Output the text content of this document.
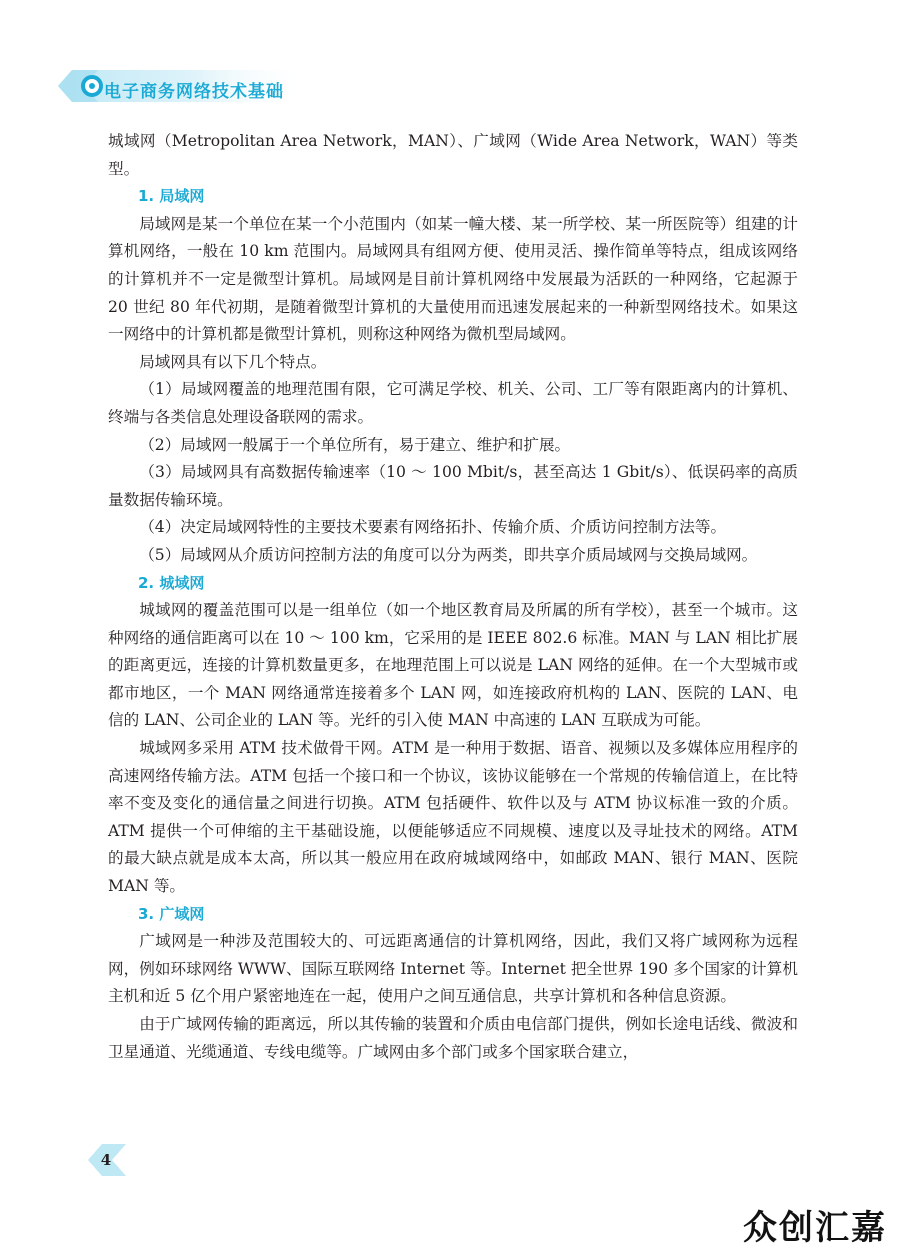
电子商务网络技术基础

城域网（Metropolitan Area Network，MAN）、广域网（Wide Area Network，WAN）等类型。

1. 局域网

局域网是某一个单位在某一个小范围内（如某一幢大楼、某一所学校、某一所医院等）组建的计算机网络，一般在 10 km 范围内。局域网具有组网方便、使用灵活、操作简单等特点，组成该网络的计算机并不一定是微型计算机。局域网是目前计算机网络中发展最为活跃的一种网络，它起源于 20 世纪 80 年代初期，是随着微型计算机的大量使用而迅速发展起来的一种新型网络技术。如果这一网络中的计算机都是微型计算机，则称这种网络为微机型局域网。

局域网具有以下几个特点。

（1）局域网覆盖的地理范围有限，它可满足学校、机关、公司、工厂等有限距离内的计算机、终端与各类信息处理设备联网的需求。

（2）局域网一般属于一个单位所有，易于建立、维护和扩展。

（3）局域网具有高数据传输速率（10 ～ 100 Mbit/s，甚至高达 1 Gbit/s）、低误码率的高质量数据传输环境。

（4）决定局域网特性的主要技术要素有网络拓扑、传输介质、介质访问控制方法等。

（5）局域网从介质访问控制方法的角度可以分为两类，即共享介质局域网与交换局域网。

2. 城域网

城域网的覆盖范围可以是一组单位（如一个地区教育局及所属的所有学校），甚至一个城市。这种网络的通信距离可以在 10 ～ 100 km，它采用的是 IEEE 802.6 标准。MAN 与 LAN 相比扩展的距离更远，连接的计算机数量更多，在地理范围上可以说是 LAN 网络的延伸。在一个大型城市或都市地区，一个 MAN 网络通常连接着多个 LAN 网，如连接政府机构的 LAN、医院的 LAN、电信的 LAN、公司企业的 LAN 等。光纤的引入使 MAN 中高速的 LAN 互联成为可能。

城域网多采用 ATM 技术做骨干网。ATM 是一种用于数据、语音、视频以及多媒体应用程序的高速网络传输方法。ATM 包括一个接口和一个协议，该协议能够在一个常规的传输信道上，在比特率不变及变化的通信量之间进行切换。ATM 包括硬件、软件以及与 ATM 协议标准一致的介质。ATM 提供一个可伸缩的主干基础设施，以便能够适应不同规模、速度以及寻址技术的网络。ATM 的最大缺点就是成本太高，所以其一般应用在政府城域网络中，如邮政 MAN、银行 MAN、医院 MAN 等。

3. 广域网

广域网是一种涉及范围较大的、可远距离通信的计算机网络，因此，我们又将广域网称为远程网，例如环球网络 WWW、国际互联网络 Internet 等。Internet 把全世界 190 多个国家的计算机主机和近 5 亿个用户紧密地连在一起，使用户之间互通信息，共享计算机和各种信息资源。

由于广域网传输的距离远，所以其传输的装置和介质由电信部门提供，例如长途电话线、微波和卫星通道、光缆通道、专线电缆等。广域网由多个部门或多个国家联合建立，

4
众创汇嘉
